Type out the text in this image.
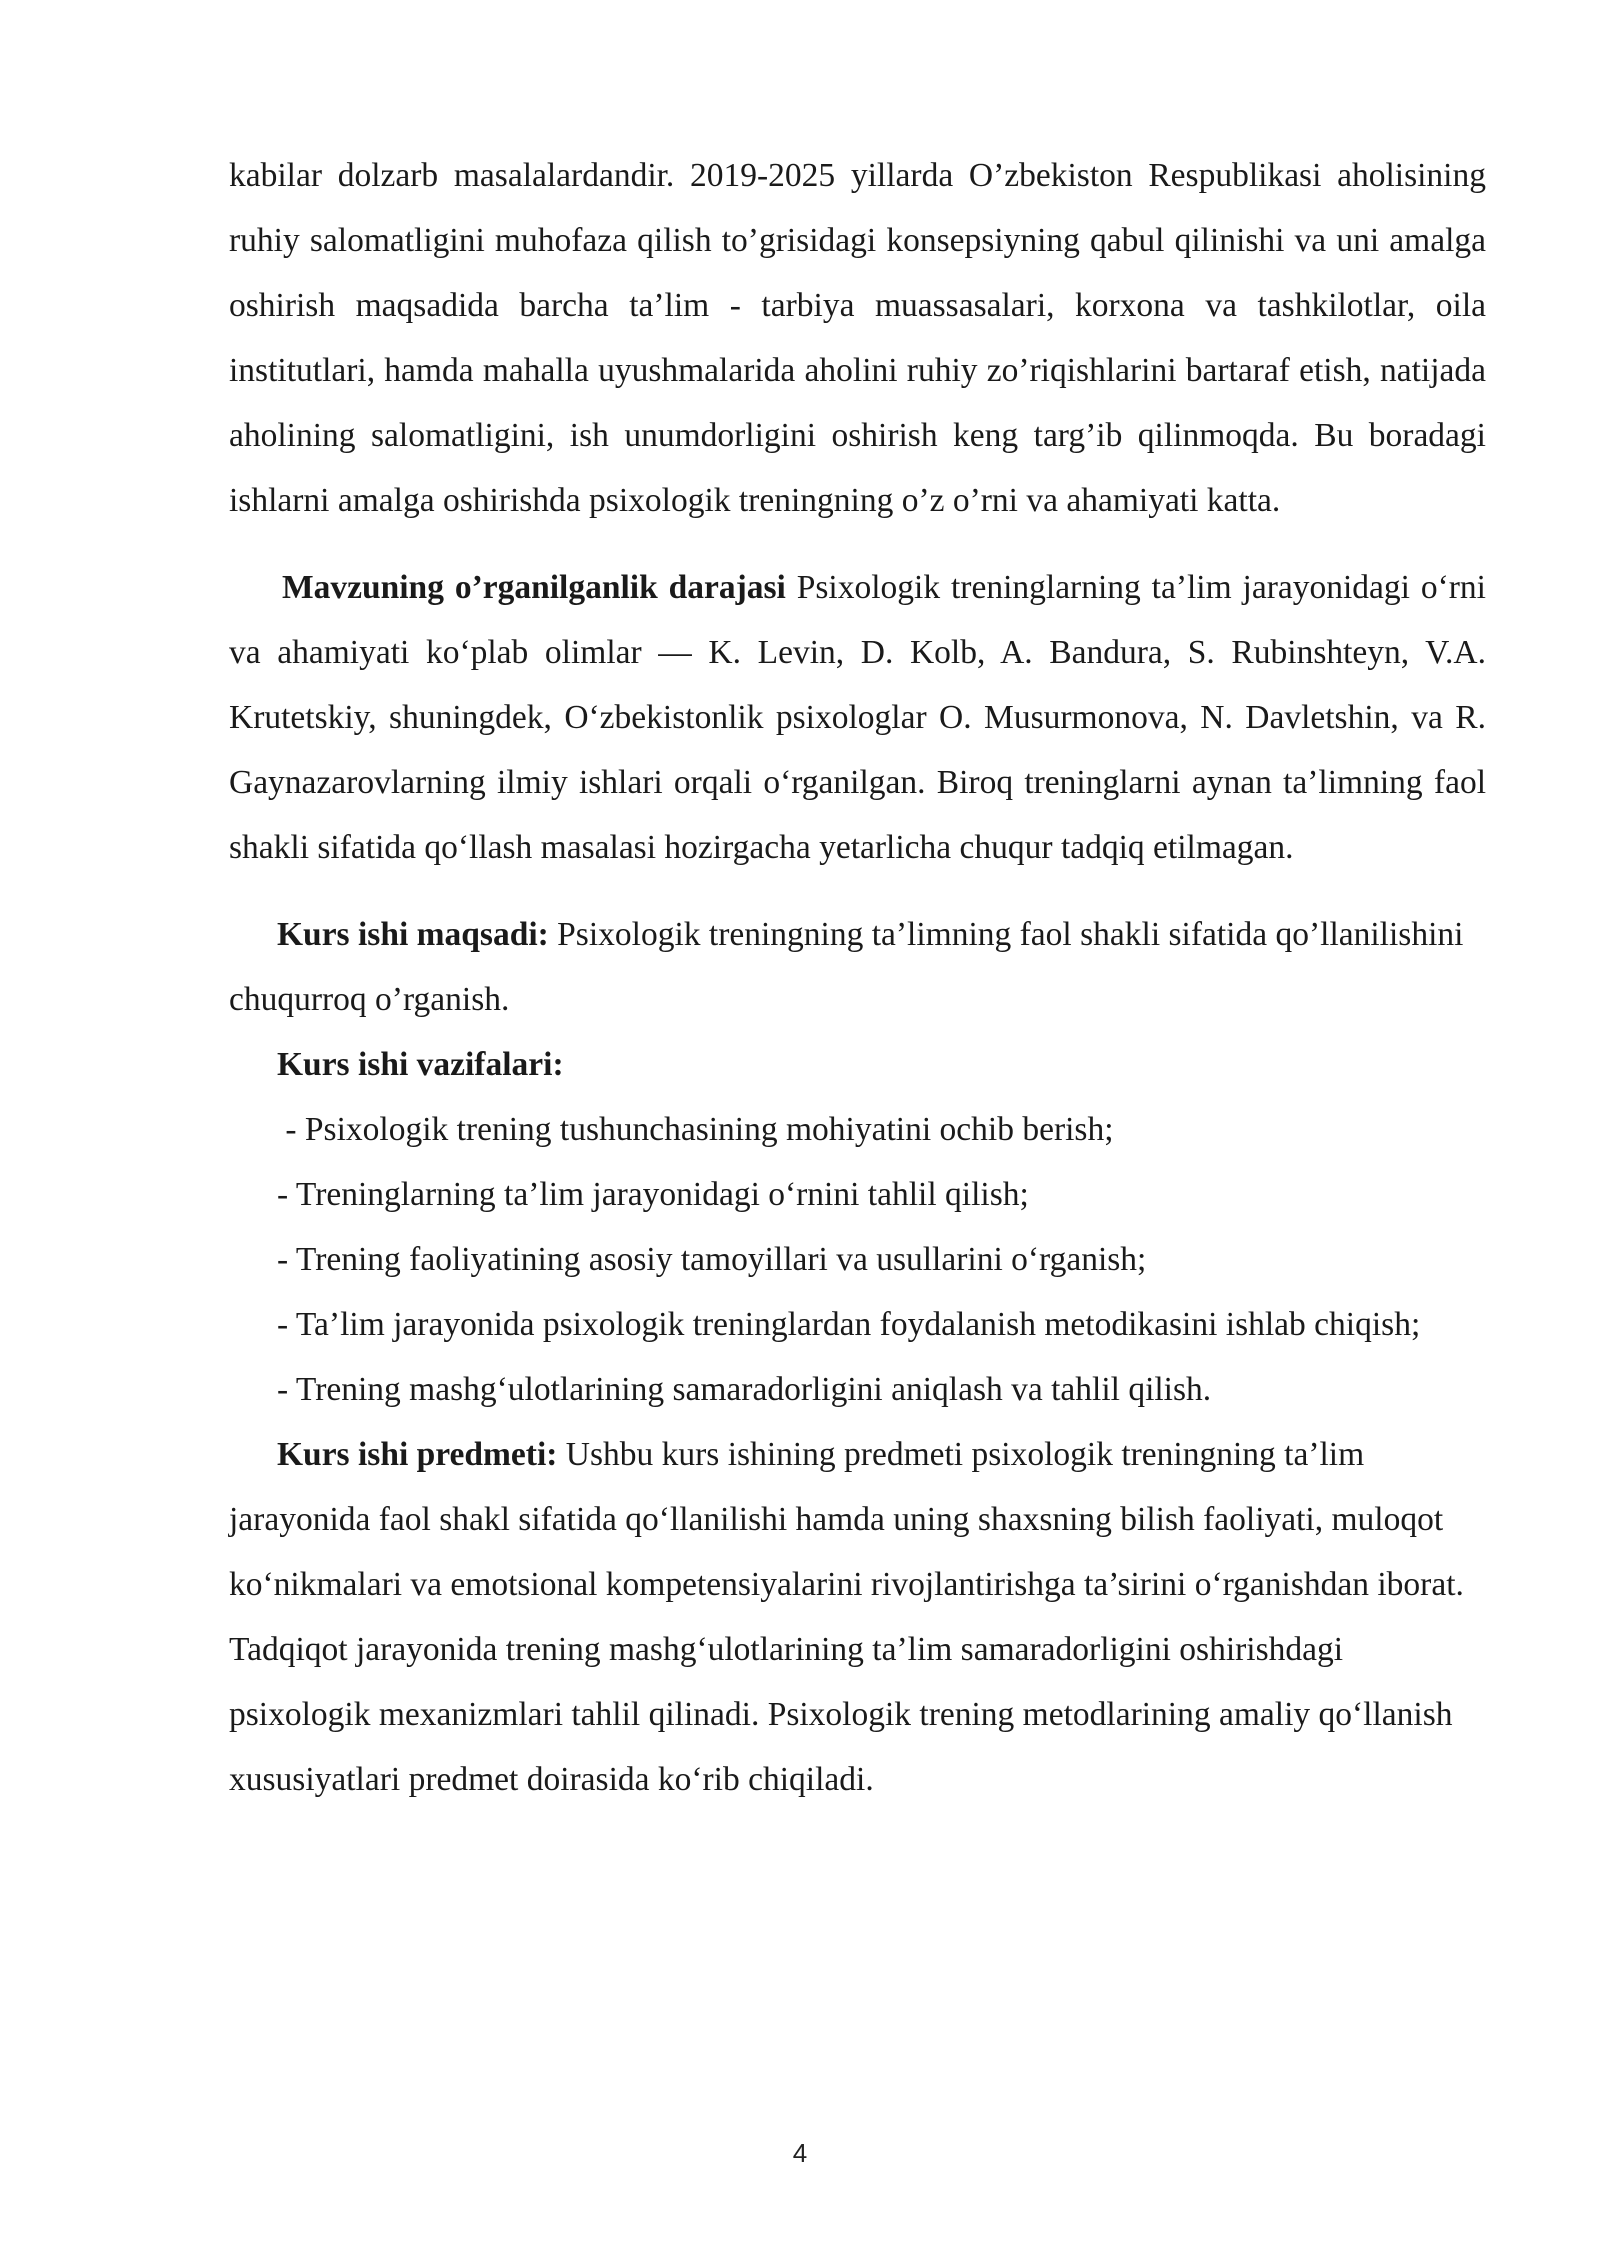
kabilar dolzarb masalalardandir. 2019-2025 yillarda O’zbekiston Respublikasi aholisining ruhiy salomatligini muhofaza qilish to’grisidagi konsepsiyning qabul qilinishi va uni amalga oshirish maqsadida barcha ta’lim - tarbiya muassasalari, korxona va tashkilotlar, oila institutlari, hamda mahalla uyushmalarida aholini ruhiy zo’riqishlarini bartaraf etish, natijada aholining salomatligini, ish unumdorligini oshirish keng targ’ib qilinmoqda. Bu boradagi ishlarni amalga oshirishda psixologik treningning o’z o’rni va ahamiyati katta.

Mavzuning o’rganilganlik darajasi Psixologik treninglarning ta’lim jarayonidagi o‘rni va ahamiyati ko‘plab olimlar — K. Levin, D. Kolb, A. Bandura, S. Rubinshteyn, V.A. Krutetskiy, shuningdek, O‘zbekistonlik psixologlar O. Musurmonova, N. Davletshin, va R. Gaynazarovlarning ilmiy ishlari orqali o‘rganilgan. Biroq treninglarni aynan ta’limning faol shakli sifatida qo‘llash masalasi hozirgacha yetarlicha chuqur tadqiq etilmagan.

Kurs ishi maqsadi: Psixologik treningning ta’limning faol shakli sifatida qo’llanilishini chuqurroq o’rganish.

Kurs ishi vazifalari:

- Psixologik trening tushunchasining mohiyatini ochib berish;

- Treninglarning ta’lim jarayonidagi o‘rnini tahlil qilish;

- Trening faoliyatining asosiy tamoyillari va usullarini o‘rganish;

- Ta’lim jarayonida psixologik treninglardan foydalanish metodikasini ishlab chiqish;

- Trening mashg‘ulotlarining samaradorligini aniqlash va tahlil qilish.

Kurs ishi predmeti: Ushbu kurs ishining predmeti psixologik treningning ta’lim jarayonida faol shakl sifatida qo‘llanilishi hamda uning shaxsning bilish faoliyati, muloqot ko‘nikmalari va emotsional kompetensiyalarini rivojlantirishga ta’sirini o‘rganishdan iborat. Tadqiqot jarayonida trening mashg‘ulotlarining ta’lim samaradorligini oshirishdagi psixologik mexanizmlari tahlil qilinadi. Psixologik trening metodlarining amaliy qo‘llanish xususiyatlari predmet doirasida ko‘rib chiqiladi.

4
